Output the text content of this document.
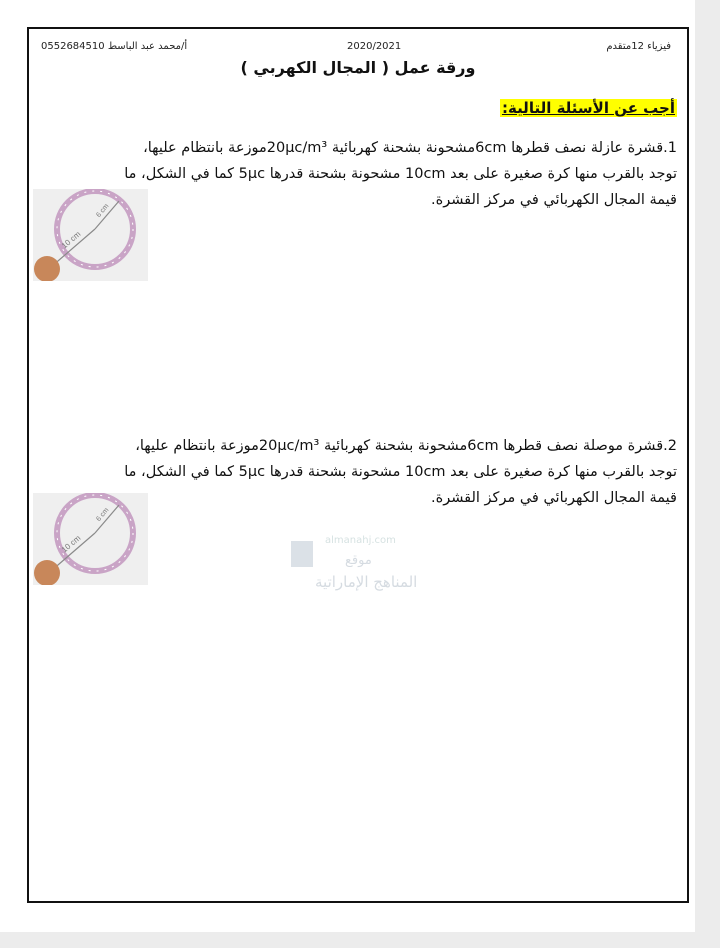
0552684510 أ/محمد عبد الباسط	2020/2021	فيزياء 12متقدم
ورقة عمل ( المجال الكهربي )
أجب عن الأسئلة التالية:
1.قشرة عازلة نصف قطرها 6cmمشحونة بشحنة كهربائية 20μc/m³موزعة بانتظام عليها،
توجد بالقرب منها كرة صغيرة على بعد 10cm مشحونة بشحنة قدرها 5μc كما في الشكل، ما
قيمة المجال الكهربائي في مركز القشرة.
6 cm
10 cm
2.قشرة موصلة نصف قطرها 6cmمشحونة بشحنة كهربائية 20μc/m³موزعة بانتظام عليها،
توجد بالقرب منها كرة صغيرة على بعد 10cm مشحونة بشحنة قدرها 5μc كما في الشكل، ما
قيمة المجال الكهربائي في مركز القشرة.
6 cm
10 cm	almanahj.com
موقع
المناهج الإماراتية
